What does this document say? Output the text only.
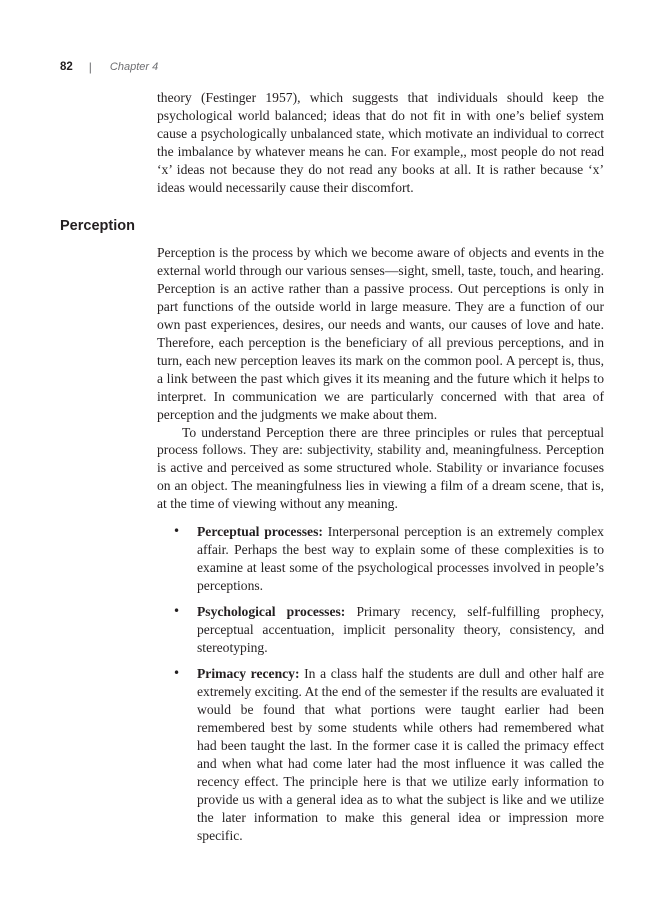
82 | Chapter 4

theory (Festinger 1957), which suggests that individuals should keep the psychological world balanced; ideas that do not fit in with one’s belief system cause a psychologically unbalanced state, which motivate an individual to correct the imbalance by whatever means he can. For example,, most people do not read ‘x’ ideas not because they do not read any books at all. It is rather because ‘x’ ideas would necessarily cause their discomfort.

Perception

Perception is the process by which we become aware of objects and events in the external world through our various senses—sight, smell, taste, touch, and hearing. Perception is an active rather than a passive process. Out perceptions is only in part functions of the outside world in large measure. They are a function of our own past experiences, desires, our needs and wants, our causes of love and hate. Therefore, each perception is the beneficiary of all previous perceptions, and in turn, each new perception leaves its mark on the common pool. A percept is, thus, a link between the past which gives it its meaning and the future which it helps to interpret. In communication we are particularly concerned with that area of perception and the judgments we make about them.

To understand Perception there are three principles or rules that perceptual process follows. They are: subjectivity, stability and, meaningfulness. Perception is active and perceived as some structured whole. Stability or invariance focuses on an object. The meaningfulness lies in viewing a film of a dream scene, that is, at the time of viewing without any meaning.

• Perceptual processes: Interpersonal perception is an extremely complex affair. Perhaps the best way to explain some of these complexities is to examine at least some of the psychological processes involved in people’s perceptions.

• Psychological processes: Primary recency, self-fulfilling prophecy, perceptual accentuation, implicit personality theory, consistency, and stereotyping.

• Primacy recency: In a class half the students are dull and other half are extremely exciting. At the end of the semester if the results are evaluated it would be found that what portions were taught earlier had been remembered best by some students while others had remembered what had been taught the last. In the former case it is called the primacy effect and when what had come later had the most influence it was called the recency effect. The principle here is that we utilize early information to provide us with a general idea as to what the subject is like and we utilize the later information to make this general idea or impression more specific.
